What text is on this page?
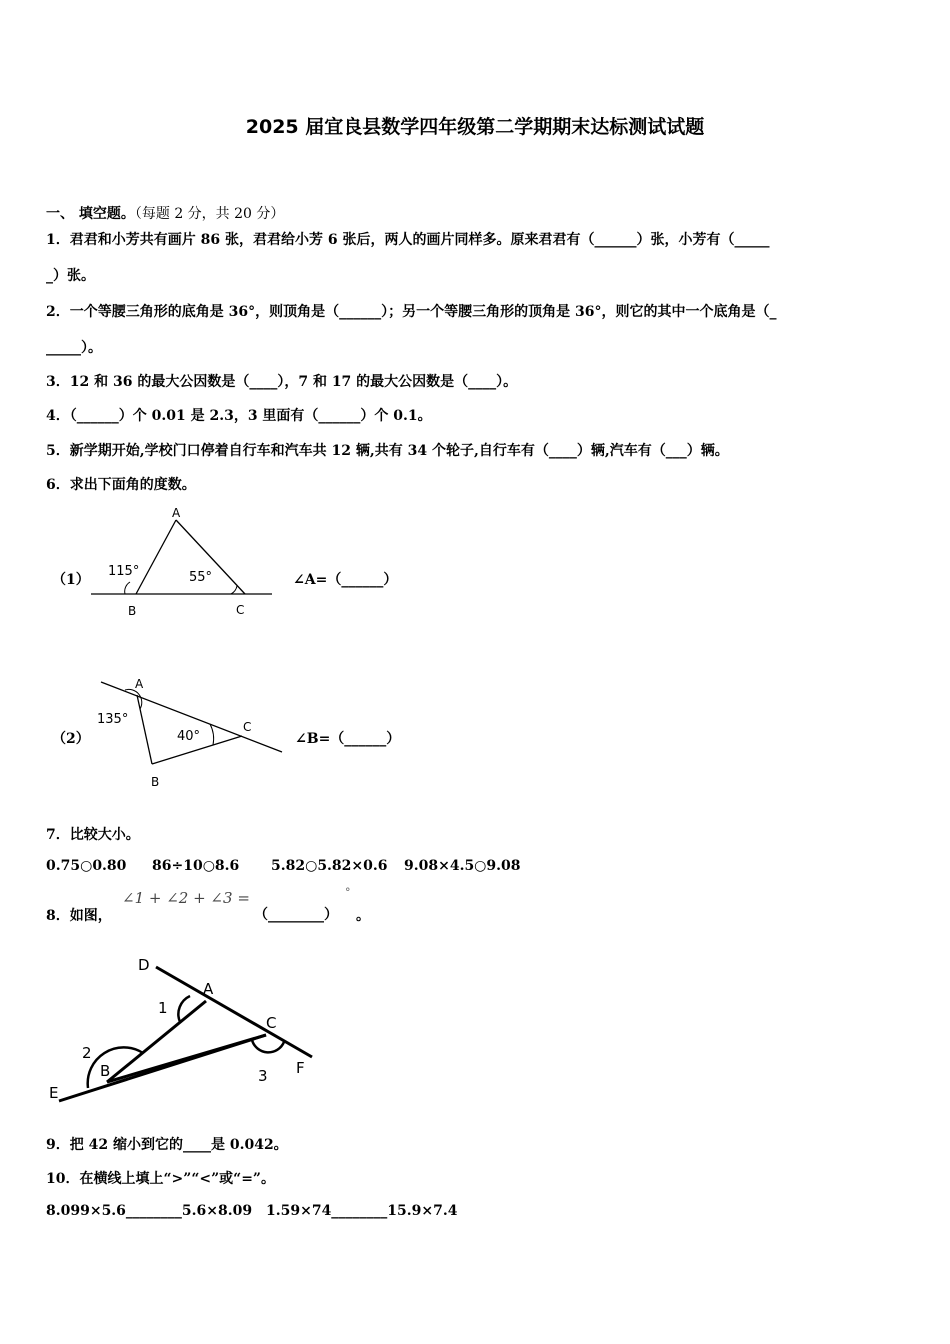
2025 届宜良县数学四年级第二学期期末达标测试试题
一、 填空题。（每题 2 分，共 20 分）
1．君君和小芳共有画片 86 张，君君给小芳 6 张后，两人的画片同样多。原来君君有（______）张，小芳有（_____
_）张。
2．一个等腰三角形的底角是 36°，则顶角是（______）；另一个等腰三角形的顶角是 36°，则它的其中一个底角是（_
_____）。
3．12 和 36 的最大公因数是（____），7 和 17 的最大公因数是（____）。
4．（______）个 0.01 是 2.3，3 里面有（______）个 0.1。
5．新学期开始,学校门口停着自行车和汽车共 12 辆,共有 34 个轮子,自行车有（____）辆,汽车有（___）辆。
6．求出下面角的度数。
（1）
A
B	C
115°	55°	∠A=（______）
（2）
A
B
C
135°
40°	∠B=（______）
7．比较大小。
0.75○0.80 86÷10○8.6 5.82○5.82×0.6 9.08×4.5○9.08
8．如图，
∠1 + ∠2 + ∠3 =
（________）
°
。
D
A
C
F
B
E
1
2
3
9．把 42 缩小到它的____是 0.042。
10．在横线上填上“>”“<”或“=”。
8.099×5.6________5.6×8.09 1.59×74________15.9×7.4
